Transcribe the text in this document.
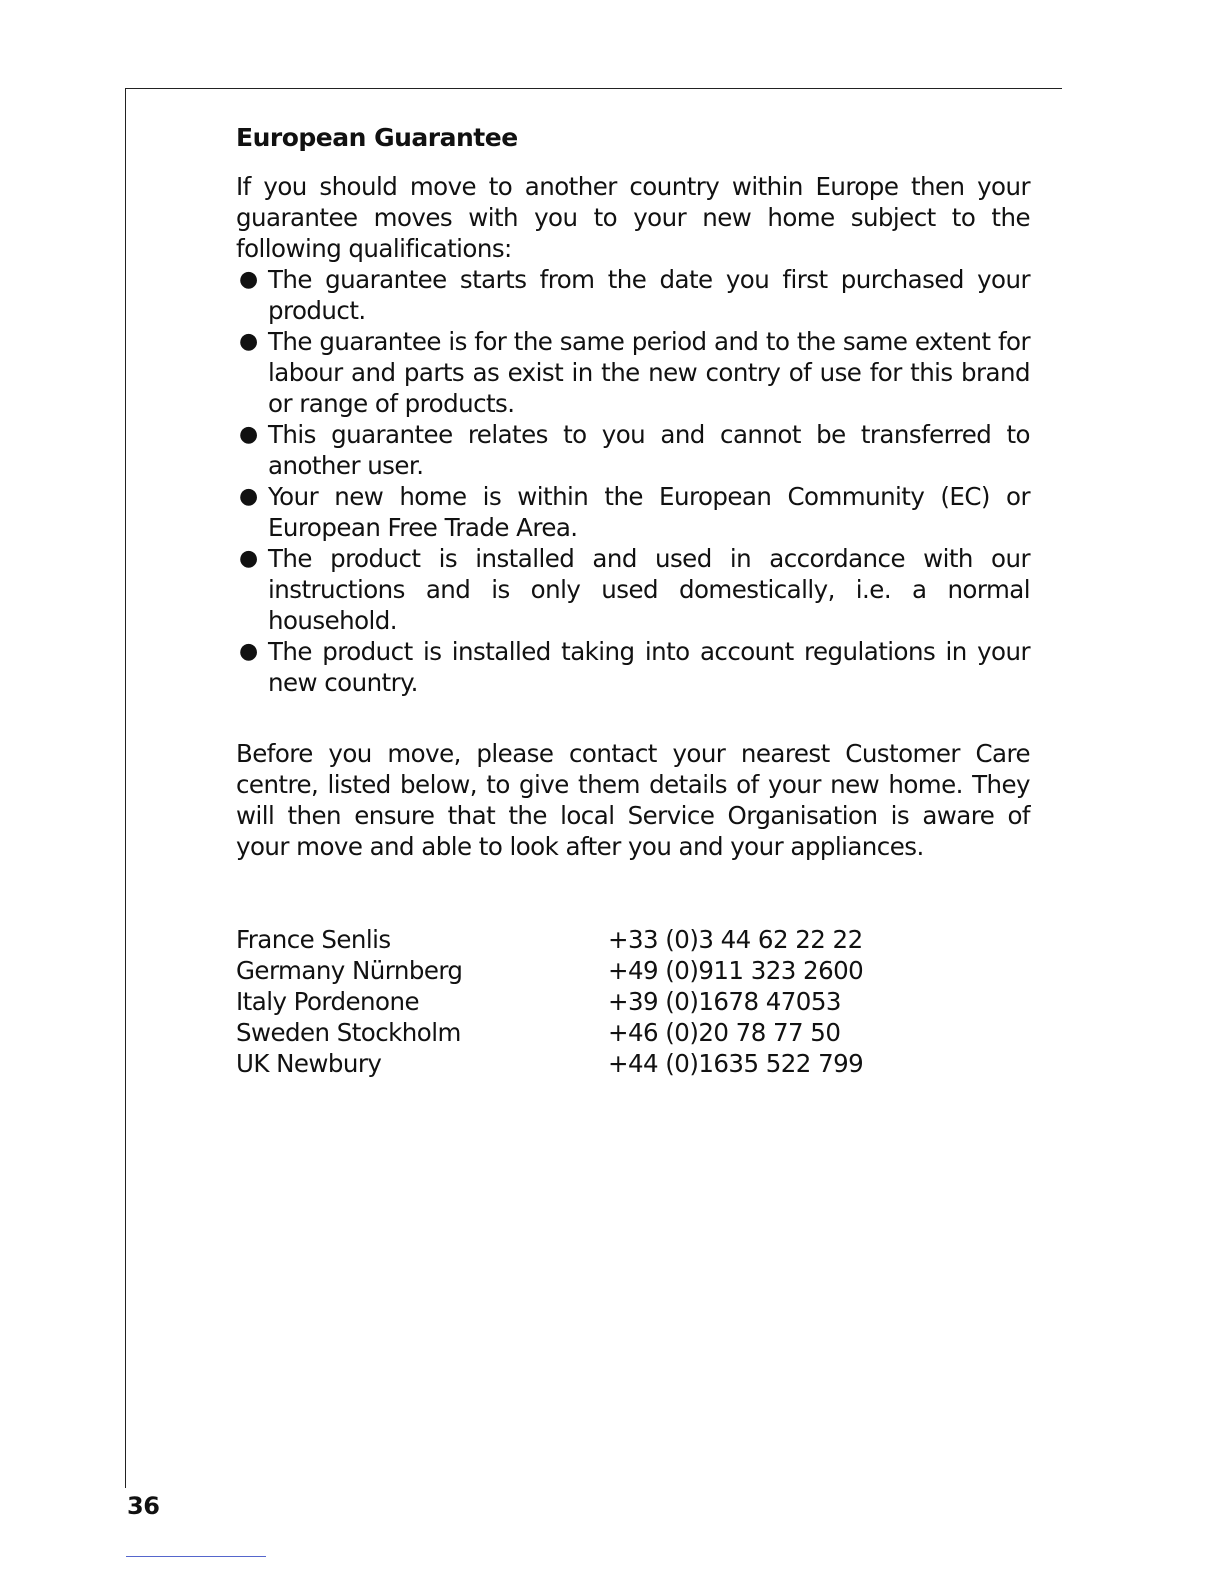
European Guarantee

If you should move to another country within Europe then your guarantee moves with you to your new home subject to the following qualifications:

● The guarantee starts from the date you first purchased your product.
● The guarantee is for the same period and to the same extent for labour and parts as exist in the new contry of use for this brand or range of products.
● This guarantee relates to you and cannot be transferred to another user.
● Your new home is within the European Community (EC) or European Free Trade Area.
● The product is installed and used in accordance with our instructions and is only used domestically, i.e. a normal household.
● The product is installed taking into account regulations in your new country.

Before you move, please contact your nearest Customer Care centre, listed below, to give them details of your new home. They will then ensure that the local Service Organisation is aware of your move and able to look after you and your appliances.

France Senlis	+33 (0)3 44 62 22 22
Germany Nürnberg	+49 (0)911 323 2600
Italy Pordenone	+39 (0)1678 47053
Sweden Stockholm	+46 (0)20 78 77 50
UK Newbury	+44 (0)1635 522 799
36
